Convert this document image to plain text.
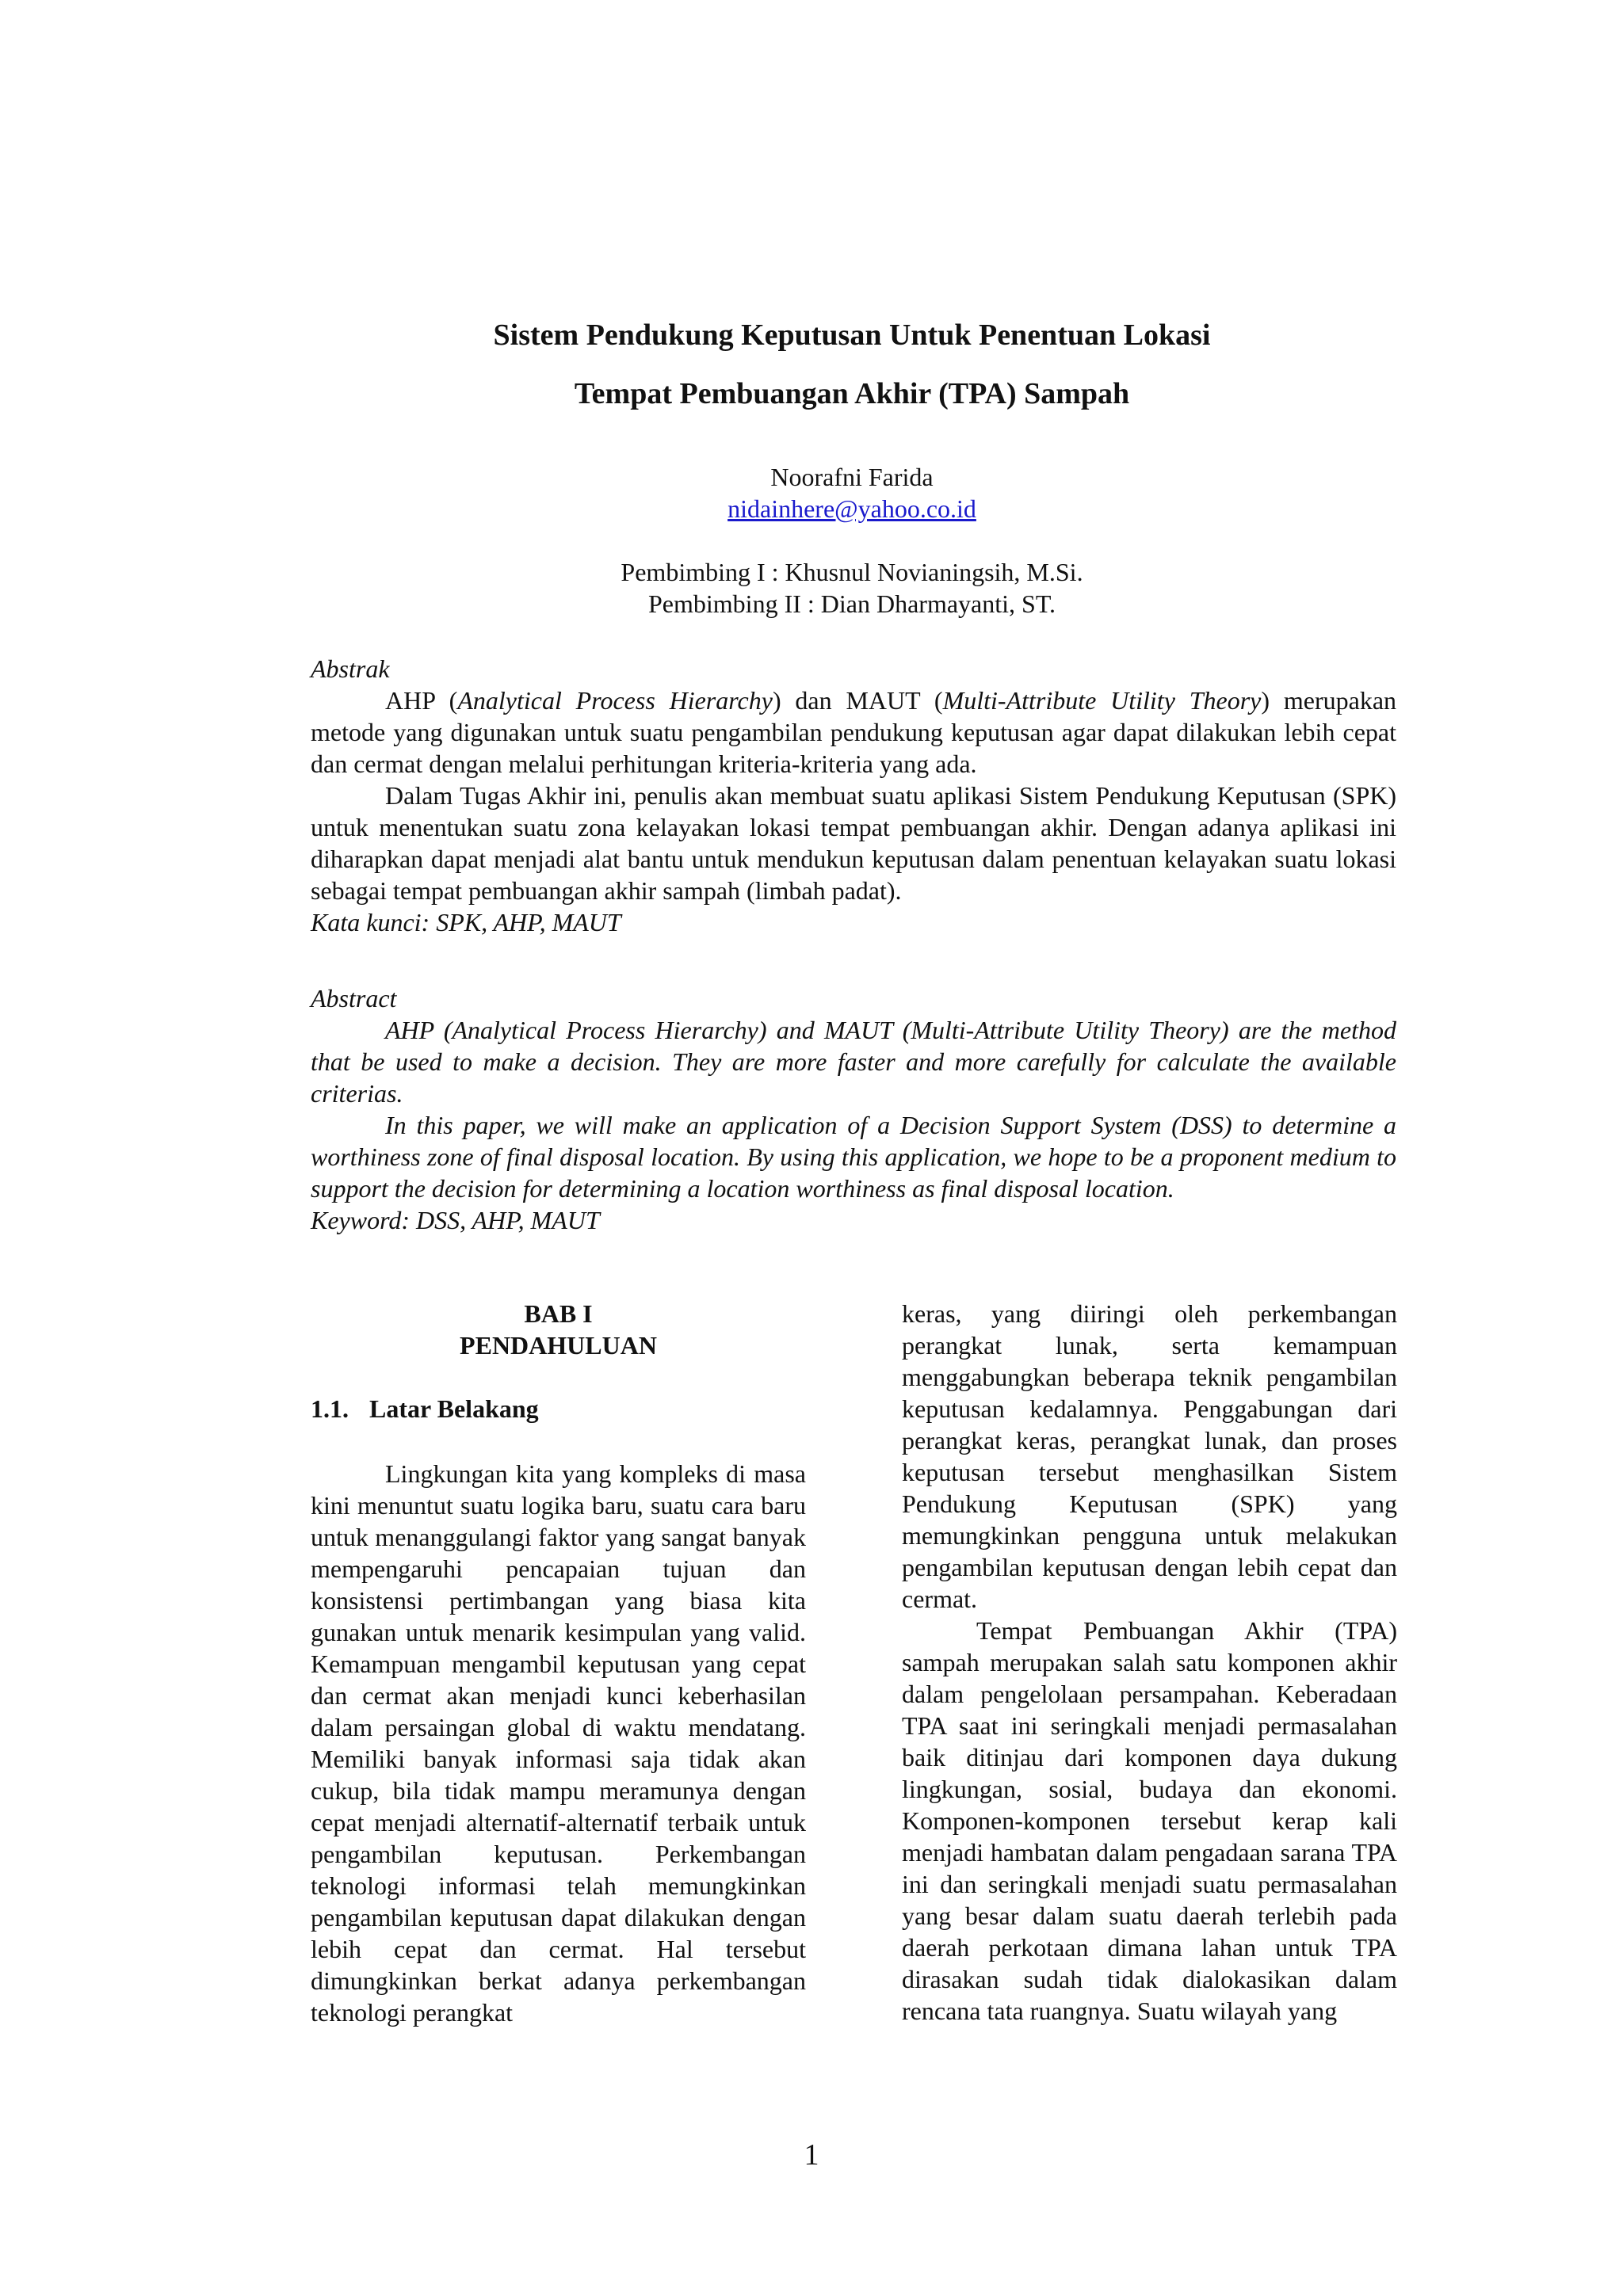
Sistem Pendukung Keputusan Untuk Penentuan Lokasi
Tempat Pembuangan Akhir (TPA) Sampah
Noorafni Farida
nidainhere@yahoo.co.id
Pembimbing I : Khusnul Novianingsih, M.Si.
Pembimbing II : Dian Dharmayanti, ST.
Abstrak

AHP (Analytical Process Hierarchy) dan MAUT (Multi-Attribute Utility Theory) merupakan metode yang digunakan untuk suatu pengambilan pendukung keputusan agar dapat dilakukan lebih cepat dan cermat dengan melalui perhitungan kriteria-kriteria yang ada.

Dalam Tugas Akhir ini, penulis akan membuat suatu aplikasi Sistem Pendukung Keputusan (SPK) untuk menentukan suatu zona kelayakan lokasi tempat pembuangan akhir. Dengan adanya aplikasi ini diharapkan dapat menjadi alat bantu untuk mendukun keputusan dalam penentuan kelayakan suatu lokasi sebagai tempat pembuangan akhir sampah (limbah padat).

Kata kunci: SPK, AHP, MAUT
Abstract

AHP (Analytical Process Hierarchy) and MAUT (Multi-Attribute Utility Theory) are the method that be used to make a decision. They are more faster and more carefully for calculate the available criterias.

In this paper, we will make an application of a Decision Support System (DSS) to determine a worthiness zone of final disposal location. By using this application, we hope to be a proponent medium to support the decision for determining a location worthiness as final disposal location.

Keyword: DSS, AHP, MAUT

BAB I

PENDAHULUAN

1.1. Latar Belakang

Lingkungan kita yang kompleks di masa kini menuntut suatu logika baru, suatu cara baru untuk menanggulangi faktor yang sangat banyak mempengaruhi pencapaian tujuan dan konsistensi pertimbangan yang biasa kita gunakan untuk menarik kesimpulan yang valid. Kemampuan mengambil keputusan yang cepat dan cermat akan menjadi kunci keberhasilan dalam persaingan global di waktu mendatang. Memiliki banyak informasi saja tidak akan cukup, bila tidak mampu meramunya dengan cepat menjadi alternatif-alternatif terbaik untuk pengambilan keputusan. Perkembangan teknologi informasi telah memungkinkan pengambilan keputusan dapat dilakukan dengan lebih cepat dan cermat. Hal tersebut dimungkinkan berkat adanya perkembangan teknologi perangkat

keras, yang diiringi oleh perkembangan perangkat lunak, serta kemampuan menggabungkan beberapa teknik pengambilan keputusan kedalamnya. Penggabungan dari perangkat keras, perangkat lunak, dan proses keputusan tersebut menghasilkan Sistem Pendukung Keputusan (SPK) yang memungkinkan pengguna untuk melakukan pengambilan keputusan dengan lebih cepat dan cermat.

Tempat Pembuangan Akhir (TPA) sampah merupakan salah satu komponen akhir dalam pengelolaan persampahan. Keberadaan TPA saat ini seringkali menjadi permasalahan baik ditinjau dari komponen daya dukung lingkungan, sosial, budaya dan ekonomi. Komponen-komponen tersebut kerap kali menjadi hambatan dalam pengadaan sarana TPA ini dan seringkali menjadi suatu permasalahan yang besar dalam suatu daerah terlebih pada daerah perkotaan dimana lahan untuk TPA dirasakan sudah tidak dialokasikan dalam rencana tata ruangnya. Suatu wilayah yang

1
